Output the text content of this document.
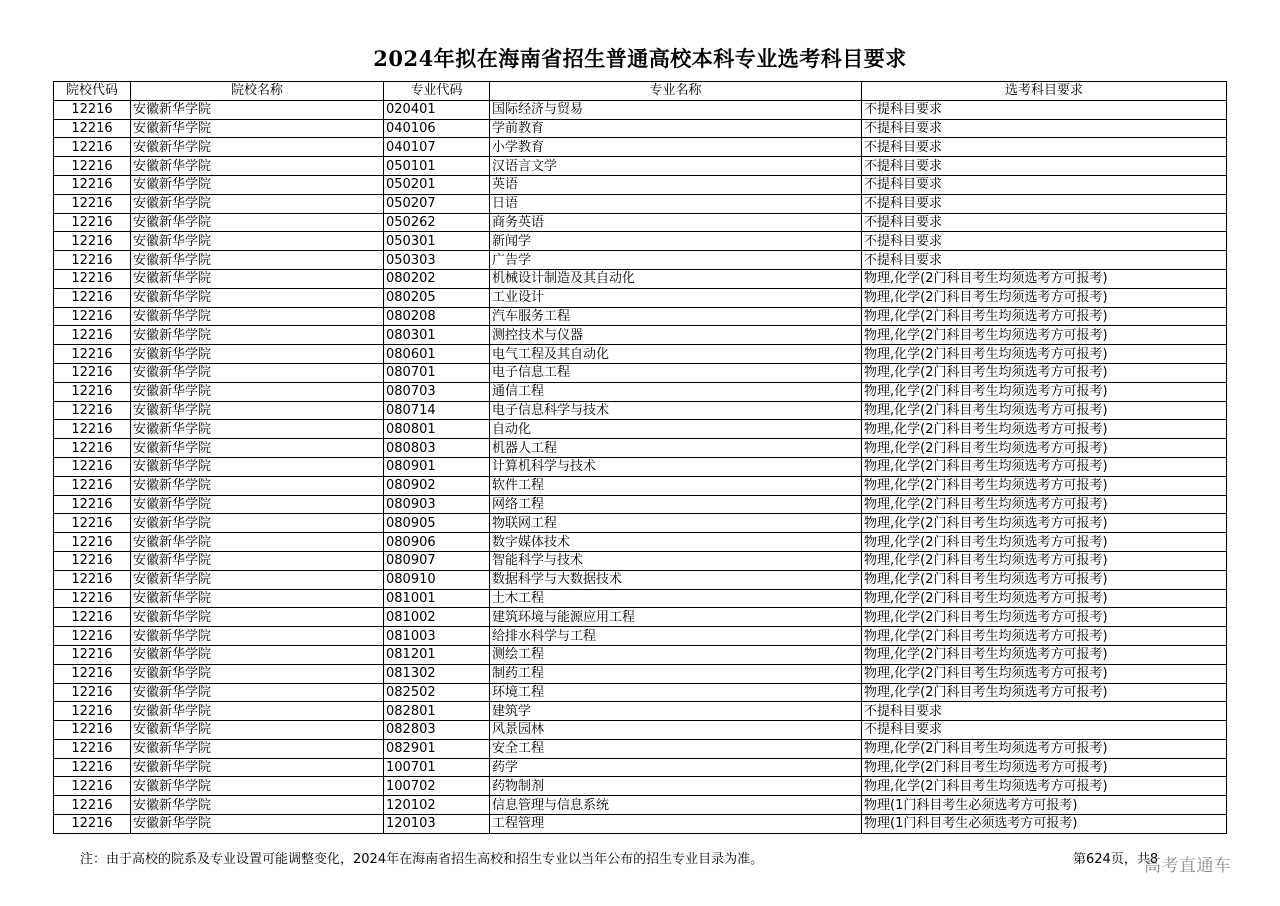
2024年拟在海南省招生普通高校本科专业选考科目要求
院校代码	院校名称	专业代码	专业名称	选考科目要求
12216	安徽新华学院	020401	国际经济与贸易	不提科目要求
12216	安徽新华学院	040106	学前教育	不提科目要求
12216	安徽新华学院	040107	小学教育	不提科目要求
12216	安徽新华学院	050101	汉语言文学	不提科目要求
12216	安徽新华学院	050201	英语	不提科目要求
12216	安徽新华学院	050207	日语	不提科目要求
12216	安徽新华学院	050262	商务英语	不提科目要求
12216	安徽新华学院	050301	新闻学	不提科目要求
12216	安徽新华学院	050303	广告学	不提科目要求
12216	安徽新华学院	080202	机械设计制造及其自动化	物理,化学(2门科目考生均须选考方可报考)
12216	安徽新华学院	080205	工业设计	物理,化学(2门科目考生均须选考方可报考)
12216	安徽新华学院	080208	汽车服务工程	物理,化学(2门科目考生均须选考方可报考)
12216	安徽新华学院	080301	测控技术与仪器	物理,化学(2门科目考生均须选考方可报考)
12216	安徽新华学院	080601	电气工程及其自动化	物理,化学(2门科目考生均须选考方可报考)
12216	安徽新华学院	080701	电子信息工程	物理,化学(2门科目考生均须选考方可报考)
12216	安徽新华学院	080703	通信工程	物理,化学(2门科目考生均须选考方可报考)
12216	安徽新华学院	080714	电子信息科学与技术	物理,化学(2门科目考生均须选考方可报考)
12216	安徽新华学院	080801	自动化	物理,化学(2门科目考生均须选考方可报考)
12216	安徽新华学院	080803	机器人工程	物理,化学(2门科目考生均须选考方可报考)
12216	安徽新华学院	080901	计算机科学与技术	物理,化学(2门科目考生均须选考方可报考)
12216	安徽新华学院	080902	软件工程	物理,化学(2门科目考生均须选考方可报考)
12216	安徽新华学院	080903	网络工程	物理,化学(2门科目考生均须选考方可报考)
12216	安徽新华学院	080905	物联网工程	物理,化学(2门科目考生均须选考方可报考)
12216	安徽新华学院	080906	数字媒体技术	物理,化学(2门科目考生均须选考方可报考)
12216	安徽新华学院	080907	智能科学与技术	物理,化学(2门科目考生均须选考方可报考)
12216	安徽新华学院	080910	数据科学与大数据技术	物理,化学(2门科目考生均须选考方可报考)
12216	安徽新华学院	081001	土木工程	物理,化学(2门科目考生均须选考方可报考)
12216	安徽新华学院	081002	建筑环境与能源应用工程	物理,化学(2门科目考生均须选考方可报考)
12216	安徽新华学院	081003	给排水科学与工程	物理,化学(2门科目考生均须选考方可报考)
12216	安徽新华学院	081201	测绘工程	物理,化学(2门科目考生均须选考方可报考)
12216	安徽新华学院	081302	制药工程	物理,化学(2门科目考生均须选考方可报考)
12216	安徽新华学院	082502	环境工程	物理,化学(2门科目考生均须选考方可报考)
12216	安徽新华学院	082801	建筑学	不提科目要求
12216	安徽新华学院	082803	风景园林	不提科目要求
12216	安徽新华学院	082901	安全工程	物理,化学(2门科目考生均须选考方可报考)
12216	安徽新华学院	100701	药学	物理,化学(2门科目考生均须选考方可报考)
12216	安徽新华学院	100702	药物制剂	物理,化学(2门科目考生均须选考方可报考)
12216	安徽新华学院	120102	信息管理与信息系统	物理(1门科目考生必须选考方可报考)
12216	安徽新华学院	120103	工程管理	物理(1门科目考生必须选考方可报考)
注：由于高校的院系及专业设置可能调整变化，2024年在海南省招生高校和招生专业以当年公布的招生专业目录为准。	第624页，共8
高考直通车
